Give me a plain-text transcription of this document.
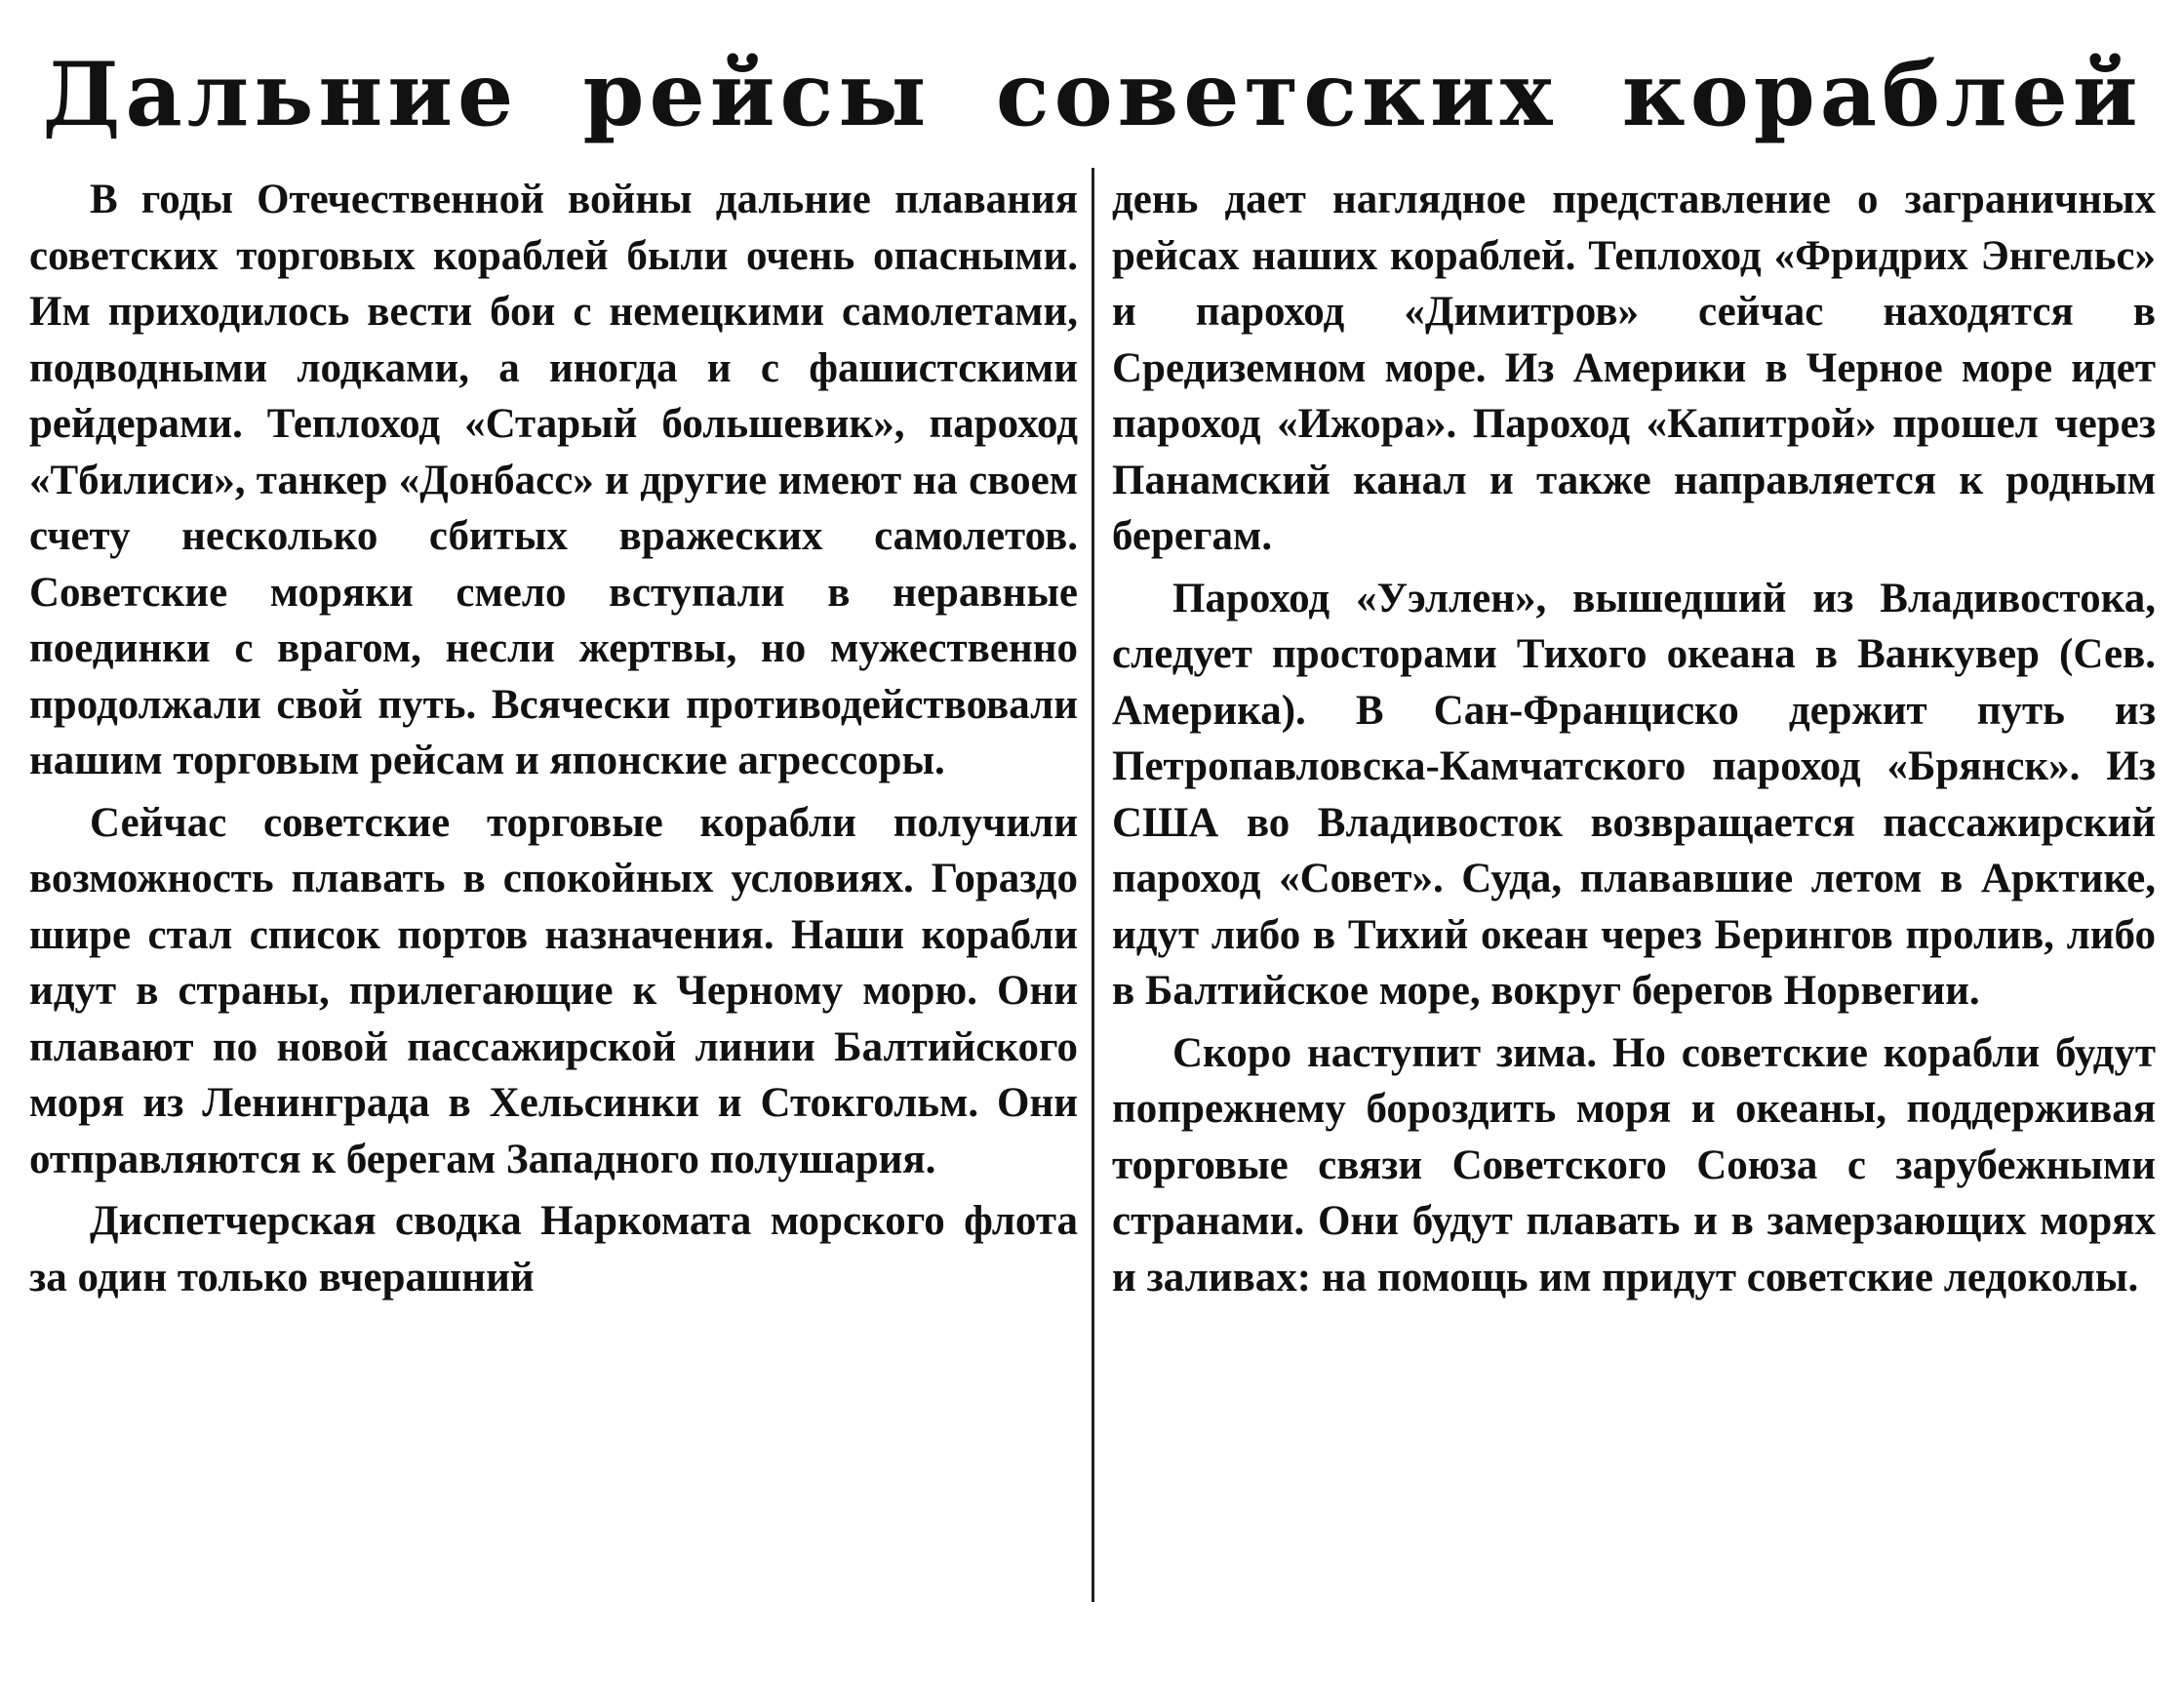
Дальние рейсы советских кораблей

В годы Отечественной войны дальние плавания советских торговых кораблей были очень опасными. Им приходилось вести бои с немецкими самолетами, подводными лодками, а иногда и с фашистскими рейдерами. Теплоход «Старый большевик», пароход «Тбилиси», танкер «Донбасс» и другие имеют на своем счету несколько сбитых вражеских самолетов. Советские моряки смело вступали в неравные поединки с врагом, несли жертвы, но мужественно продолжали свой путь. Всячески противодействовали нашим торговым рейсам и японские агрессоры.

Сейчас советские торговые корабли получили возможность плавать в спокойных условиях. Гораздо шире стал список портов назначения. Наши корабли идут в страны, прилегающие к Черному морю. Они плавают по новой пассажирской линии Балтийского моря из Ленинграда в Хельсинки и Стокгольм. Они отправляются к берегам Западного полушария.

Диспетчерская сводка Наркомата морского флота за один только вчерашний

день дает наглядное представление о заграничных рейсах наших кораблей. Теплоход «Фридрих Энгельс» и пароход «Димитров» сейчас находятся в Средиземном море. Из Америки в Черное море идет пароход «Ижора». Пароход «Капитрой» прошел через Панамский канал и также направляется к родным берегам.

Пароход «Уэллен», вышедший из Владивостока, следует просторами Тихого океана в Ванкувер (Сев. Америка). В Сан-Франциско держит путь из Петропавловска-Камчатского пароход «Брянск». Из США во Владивосток возвращается пассажирский пароход «Совет». Суда, плававшие летом в Арктике, идут либо в Тихий океан через Берингов пролив, либо в Балтийское море, вокруг берегов Норвегии.

Скоро наступит зима. Но советские корабли будут попрежнему бороздить моря и океаны, поддерживая торговые связи Советского Союза с зарубежными странами. Они будут плавать и в замерзающих морях и заливах: на помощь им придут советские ледоколы.
